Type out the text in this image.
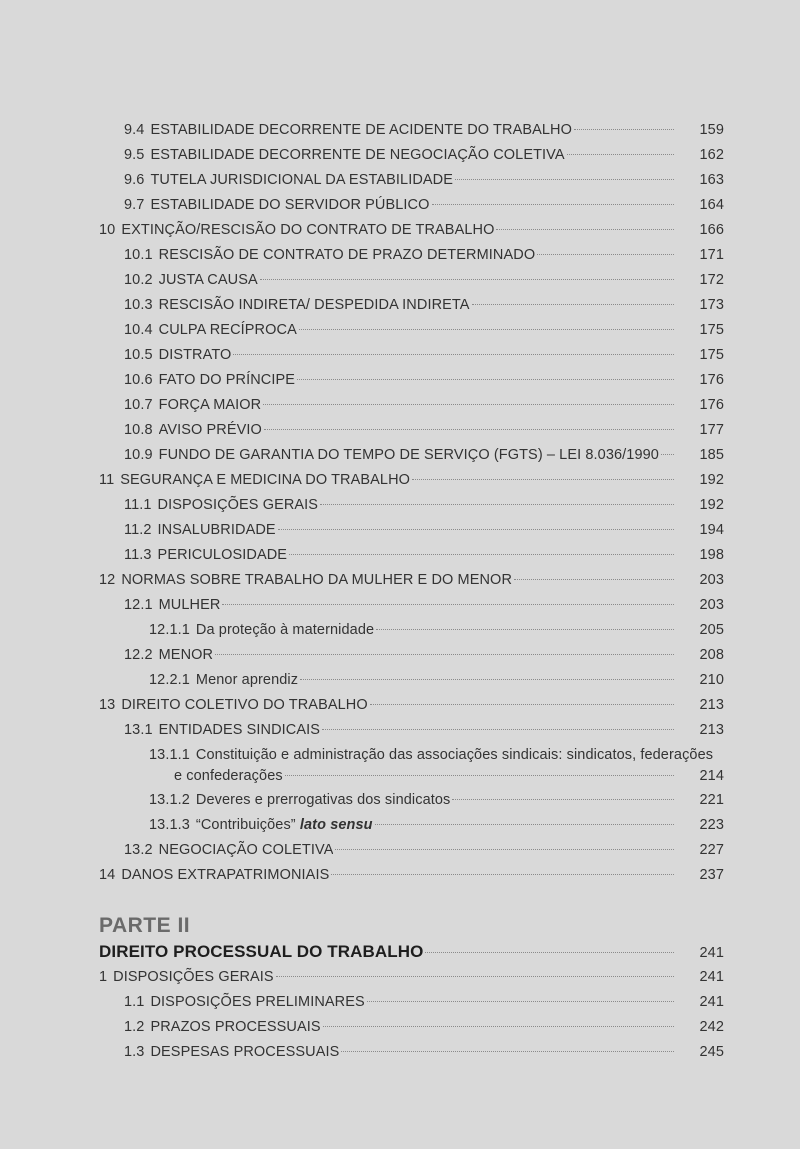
9.4 ESTABILIDADE DECORRENTE DE ACIDENTE DO TRABALHO	159
9.5 ESTABILIDADE DECORRENTE DE NEGOCIAÇÃO COLETIVA	162
9.6 TUTELA JURISDICIONAL DA ESTABILIDADE	163
9.7 ESTABILIDADE DO SERVIDOR PÚBLICO	164
10 EXTINÇÃO/RESCISÃO DO CONTRATO DE TRABALHO	166
10.1 RESCISÃO DE CONTRATO DE PRAZO DETERMINADO	171
10.2 JUSTA CAUSA	172
10.3 RESCISÃO INDIRETA/ DESPEDIDA INDIRETA	173
10.4 CULPA RECÍPROCA	175
10.5 DISTRATO	175
10.6 FATO DO PRÍNCIPE	176
10.7 FORÇA MAIOR	176
10.8 AVISO PRÉVIO	177
10.9 FUNDO DE GARANTIA DO TEMPO DE SERVIÇO (FGTS) – LEI 8.036/1990	185
11 SEGURANÇA E MEDICINA DO TRABALHO	192
11.1 DISPOSIÇÕES GERAIS	192
11.2 INSALUBRIDADE	194
11.3 PERICULOSIDADE	198
12 NORMAS SOBRE TRABALHO DA MULHER E DO MENOR	203
12.1 MULHER	203
12.1.1 Da proteção à maternidade	205
12.2 MENOR	208
12.2.1 Menor aprendiz	210
13 DIREITO COLETIVO DO TRABALHO	213
13.1 ENTIDADES SINDICAIS	213
13.1.1 Constituição e administração das associações sindicais: sindicatos, federações
e confederações	214
13.1.2 Deveres e prerrogativas dos sindicatos	221
13.1.3 “Contribuições” lato sensu	223
13.2 NEGOCIAÇÃO COLETIVA	227
14 DANOS EXTRAPATRIMONIAIS	237
PARTE II
DIREITO PROCESSUAL DO TRABALHO	241
1 DISPOSIÇÕES GERAIS	241
1.1 DISPOSIÇÕES PRELIMINARES	241
1.2 PRAZOS PROCESSUAIS	242
1.3 DESPESAS PROCESSUAIS	245
